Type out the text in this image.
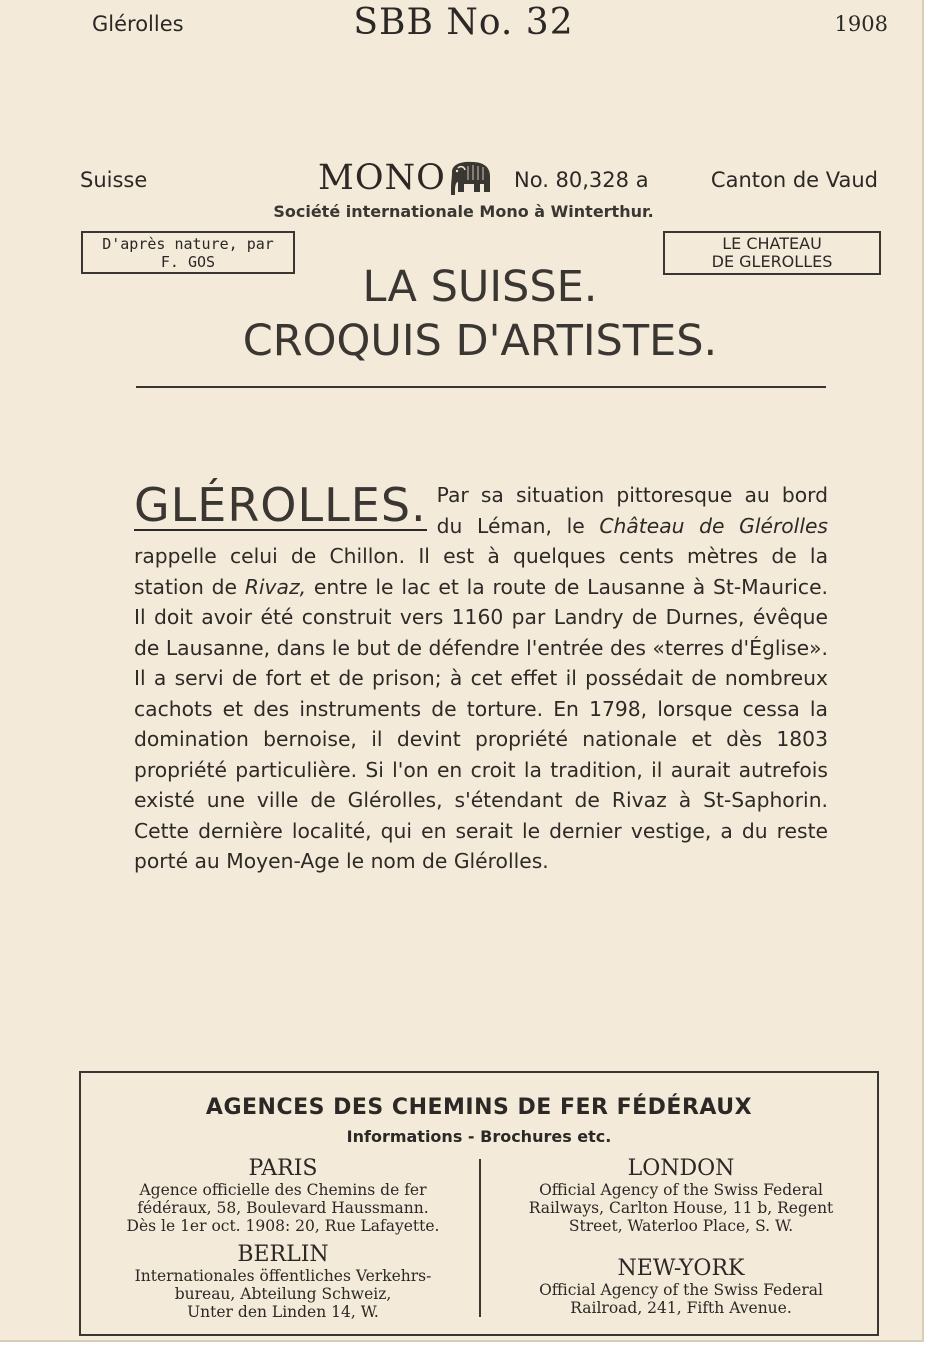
Glérolles	SBB No. 32	1908
Suisse	MONO	No. 80,328 a	Canton de Vaud
Société internationale Mono à Winterthur.
D'après nature, par
F. GOS
LE CHATEAU
DE GLEROLLES
LA SUISSE.
CROQUIS D'ARTISTES.
GLÉROLLES. Par sa situation pittoresque au bord du Léman, le Château de Glérolles rappelle celui de Chillon. Il est à quelques cents mètres de la station de Rivaz, entre le lac et la route de Lausanne à St-Maurice. Il doit avoir été construit vers 1160 par Landry de Durnes, évêque de Lausanne, dans le but de défendre l'entrée des «terres d'Église». Il a servi de fort et de prison; à cet effet il possédait de nombreux cachots et des instruments de torture. En 1798, lorsque cessa la domination bernoise, il devint propriété nationale et dès 1803 propriété particulière. Si l'on en croit la tradition, il aurait autrefois existé une ville de Glérolles, s'étendant de Rivaz à St-Saphorin. Cette dernière localité, qui en serait le dernier vestige, a du reste porté au Moyen-Age le nom de Glérolles.
AGENCES DES CHEMINS DE FER FÉDÉRAUX
Informations - Brochures etc.
PARIS
Agence officielle des Chemins de fer
fédéraux, 58, Boulevard Haussmann.
Dès le 1er oct. 1908: 20, Rue Lafayette.
BERLIN
Internationales öffentliches Verkehrs-
bureau, Abteilung Schweiz,
Unter den Linden 14, W.
LONDON
Official Agency of the Swiss Federal
Railways, Carlton House, 11 b, Regent
Street, Waterloo Place, S. W.
NEW-YORK
Official Agency of the Swiss Federal
Railroad, 241, Fifth Avenue.
